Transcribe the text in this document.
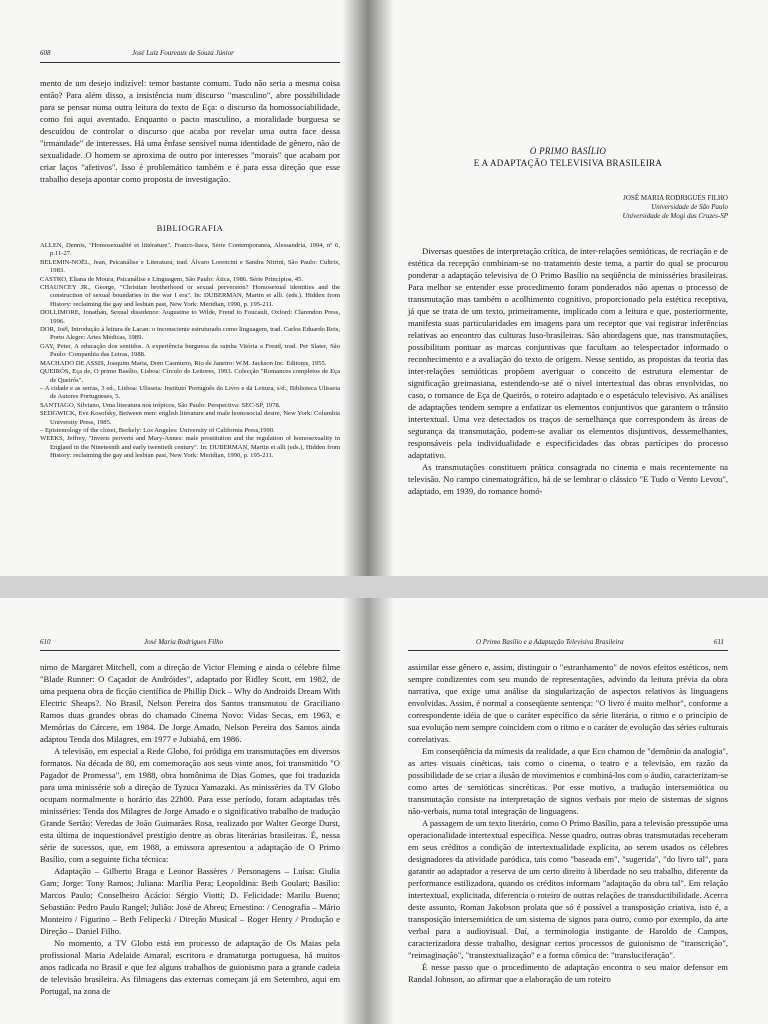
608	José Luiz Foureaux de Souza Júnior

mento de um desejo indizível: temor bastante comum. Tudo não seria a mesma coisa então? Para além disso, a insistência num discurso "masculino", abre possibilidade para se pensar numa outra leitura do texto de Eça: o discurso da homossociabilidade, como foi aqui aventado. Enquanto o pacto masculino, a moralidade burguesa se descuidou de controlar o discurso que acaba por revelar uma outra face dessa "irmandade" de interesses. Há uma ênfase sensível numa identidade de gênero, não de sexualidade. O homem se aproxima de outro por interesses "morais" que acabam por criar laços "afetivos". Isso é problemático também e é para essa direção que esse trabalho deseja apontar como proposta de investigação.

BIBLIOGRAFIA
ALLEN, Dennis, "Homosexualité et littérature". Franco-Itaca, Série Contemporanea, Alessandria, 1994, nº 6, p.11-27.
BELEMIN-NOËL, Jean, Psicanálise e Literatura, trad. Álvaro Lorencini e Sandra Nitrini, São Paulo: Cultrix, 1983.
CASTRO, Eliana de Moura, Psicanálise e Linguagem, São Paulo: Ática, 1986. Série Princípios, 45.
CHAUNCEY JR., George, "Christian brotherhood or sexual perversion? Homosexual identities and the construction of sexual boundaries in the war I era". In: DUBERMAN, Martin et alli. (eds.). Hidden from History: reclaiming the gay and lesbian past, New York: Meridian, 1990, p. 195-211.
DOLLIMORE, Jonathan, Sexual dissidence: Augustine to Wilde, Freud to Foucault, Oxford: Clarendon Press, 1996.
DOR, Joël, Introdução à leitura de Lacan: o inconsciente estruturado como linguagem, trad. Carlos Eduardo Reis, Porto Alegre: Artes Médicas, 1989.
GAY, Peter, A educação dos sentidos. A experiência burguesa da rainha Vitória a Freud, trad. Per Slater, São Paulo: Companhia das Letras, 1988.
MACHADO DE ASSIS, Joaquim Maria, Dom Casmurro, Rio de Janeiro: W.M. Jackson Inc. Editores, 1955.
QUEIRÓS, Eça de, O primo Basílio, Lisboa: Círculo de Leitores, 1993. Colecção "Romances completos de Eça de Queirós".
– A cidade e as serras, 3 ed., Lisboa: Ulisseia: Instituto Português do Livro e da Leitura, s/d., Biblioteca Ulisseia de Autores Portugueses, 5.
SANTIAGO, Silviano, Uma literatura nos trópicos, São Paulo: Perspectiva: SEC-SP, 1978.
SEDGWICK, Eve Kosofsky, Between men: english literature and male homosocial desire, New York: Columbia University Press, 1985.
– Epistemology of the closet, Berkely: Los Angeles: University of California Press,1990.
WEEKS, Jeffrey, "Inverts perverts and Mary-Annes: male prostitution and the regulation of homosexuality in England in the Nineteenth and early twentieth century". In: DUBERMAN, Martin et alli (eds.), Hidden from History: reclaiming the gay and lesbian past, New York: Meridian, 1990, p. 195-211.
O PRIMO BASÍLIO
E A ADAPTAÇÃO TELEVISIVA BRASILEIRA
JOSÉ MARIA RODRIGUES FILHO
Universidade de São Paulo
Universidade de Mogi das Cruzes-SP

Diversas questões de interpretação crítica, de inter-relações semióticas, de recriação e de estética da recepção combinam-se no tratamento deste tema, a partir do qual se procurou ponderar a adaptação televisiva de O Primo Basílio na seqüência de minisséries brasileiras. Para melhor se entender esse procedimento foram ponderados não apenas o processo de transmutação mas também o acolhimento cognitivo, proporcionado pela estética receptiva, já que se trata de um texto, primeiramente, implicado com a leitura e que, posteriormente, manifesta suas particularidades em imagens para um receptor que vai registrar inferências relativas ao encontro das culturas luso-brasileiras. São abordagens que, nas transmutações, possibilitam pontuar as marcas conjuntivas que facultam ao telespectador informado o reconhecimento e a avaliação do texto de origem. Nesse sentido, as propostas da teoria das inter-relações semióticas propõem averiguar o conceito de estrutura elementar de significação greimasiana, estendendo-se até o nível intertextual das obras envolvidas, no caso, o romance de Eça de Queirós, o roteiro adaptado e o espetáculo televisivo. As análises de adaptações tendem sempre a enfatizar os elementos conjuntivos que garantem o trânsito intertextual. Uma vez detectados os traços de semelhança que correspondem às áreas de segurança da transmutação, podem-se avaliar os elementos disjuntivos, dessemelhantes, responsáveis pela individualidade e especificidades das obras partícipes do processo adaptativo.

As transmutações constituem prática consagrada no cinema e mais recentemente na televisão. No campo cinematográfico, há de se lembrar o clássico "E Tudo o Vento Levou", adaptado, em 1939, do romance homó-

610	José Maria Rodrigues Filho

nimo de Margaret Mitchell, com a direção de Victor Fleming e ainda o célebre filme "Blade Runner: O Caçador de Andróides", adaptado por Ridley Scott, em 1982, de uma pequena obra de ficção científica de Phillip Dick – Why do Androids Dream With Electric Sheaps?. No Brasil, Nelson Pereira dos Santos transmutou de Graciliano Ramos duas grandes obras do chamado Cinema Novo: Vidas Secas, em 1963, e Memórias do Cárcere, em 1984. De Jorge Amado, Nelson Pereira dos Santos ainda adaptou Tenda dos Milagres, em 1977 e Jubiabá, em 1986.

A televisão, em especial a Rede Globo, foi pródiga em transmutações em diversos formatos. Na década de 80, em comemoração aos seus vinte anos, foi transmitido "O Pagador de Promessa", em 1988, obra homônima de Dias Gomes, que foi traduzida para uma minissérie sob a direção de Tyzuca Yamazaki. As minisséries da TV Globo ocupam normalmente o horário das 22h00. Para esse período, foram adaptadas três minisséries: Tenda dos Milagres de Jorge Amado e o significativo trabalho de tradução Grande Sertão: Veredas de João Guimarães Rosa, realizado por Walter George Durst, esta última de inquestionável prestígio dentre as obras literárias brasileiras. É, nessa série de sucessos, que, em 1988, a emissora apresentou a adaptação de O Primo Basílio, com a seguinte ficha técnica:

Adaptação – Gilberto Braga e Leonor Bassères / Personagens – Luísa: Giulia Gam; Jorge: Tony Ramos; Juliana: Marília Pera; Leopoldina: Beth Goulart; Basílio: Marcos Paulo; Conselheiro Acácio: Sérgio Viotti; D. Felicidade: Marilu Bueno; Sebastião: Pedro Paulo Rangel; Julião: José de Abreu; Ernestino: / Cenografia – Mário Monteiro / Figurino – Beth Felipecki / Direção Musical – Roger Henry / Produção e Direção – Daniel Filho.

No momento, a TV Globo está em processo de adaptação de Os Maias pela profissional Maria Adelaide Amaral, escritora e dramaturga portuguesa, há muitos anos radicada no Brasil e que fez alguns trabalhos de guionismo para a grande cadeia de televisão brasileira. As filmagens das externas começam já em Setembro, aqui em Portugal, na zona de

O Primo Basílio e a Adaptação Televisiva Brasileira	611

assimilar esse gênero e, assim, distinguir o "estranhamento" de novos efeitos estéticos, nem sempre condizentes com seu mundo de representações, advindo da leitura prévia da obra narrativa, que exige uma análise da singularização de aspectos relativos às linguagens envolvidas. Assim, é normal a conseqüente sentença: "O livro é muito melhor", conforme a correspondente idéia de que o caráter específico da série literária, o ritmo e o princípio de sua evolução nem sempre coincidem com o ritmo e o caráter de evolução das séries culturais correlativas.

Em conseqüência da mímesis da realidade, a que Eco chamou de "demônio da analogia", as artes visuais cinéticas, tais como o cinema, o teatro e a televisão, em razão da possibilidade de se criar a ilusão de movimentos e combiná-los com o áudio, caracterizam-se como artes de semióticas sincréticas. Por esse motivo, a tradução intersemiótica ou transmutação consiste na interpretação de signos verbais por meio de sistemas de signos não-verbais, numa total integração de linguagens.

A passagem de um texto literário, como O Primo Basílio, para a televisão pressupõe uma operacionalidade intertextual específica. Nesse quadro, outras obras transmutadas receberam em seus créditos a condição de intertextualidade explícita, ao serem usados os célebres designadores da atividade paródica, tais como "baseada em", "sugerida", "do livro tal", para garantir ao adaptador a reserva de um certo direito à liberdade no seu trabalho, diferente da performance estilizadora, quando os créditos informam "adaptação da obra tal". Em relação intertextual, explicitada, diferencia o roteiro de outras relações de transductibilidade. Acerca deste assunto, Roman Jakobson prolata que só é possível a transposição criativa, isto é, a transposição intersemiótica de um sistema de signos para outro, como por exemplo, da arte verbal para a audiovisual. Daí, a terminologia instigante de Haroldo de Campos, caracterizadora desse trabalho, designar certos processos de guionismo de "transcrição", "reimaginação", "transtextualização" e a forma cômica de: "transluciferação".

É nesse passo que o procedimento de adaptação encontra o seu maior defensor em Randal Johnson, ao afirmar que a elaboração de um roteiro
